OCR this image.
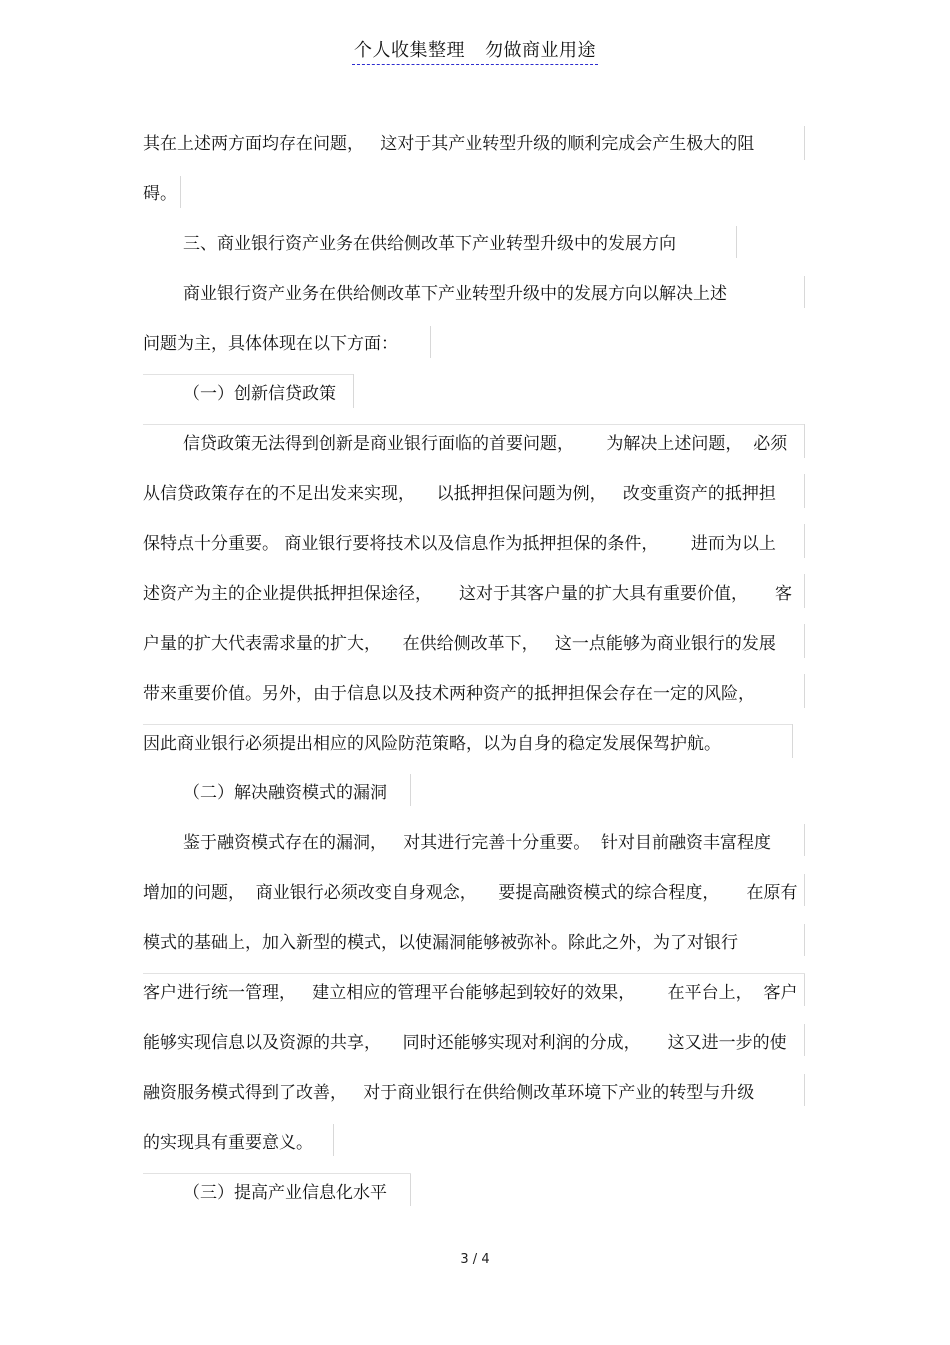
个人收集整理 勿做商业用途
其在上述两方面均存在问题，   这对于其产业转型升级的顺利完成会产生极大的阻
碍。
三、商业银行资产业务在供给侧改革下产业转型升级中的发展方向
商业银行资产业务在供给侧改革下产业转型升级中的发展方向以解决上述
问题为主，具体体现在以下方面：
（一）创新信贷政策
信贷政策无法得到创新是商业银行面临的首要问题，      为解决上述问题，  必须
从信贷政策存在的不足出发来实现，    以抵押担保问题为例，   改变重资产的抵押担
保特点十分重要。 商业银行要将技术以及信息作为抵押担保的条件，      进而为以上
述资产为主的企业提供抵押担保途径，     这对于其客户量的扩大具有重要价值，     客
户量的扩大代表需求量的扩大，    在供给侧改革下，   这一点能够为商业银行的发展
带来重要价值。另外，由于信息以及技术两种资产的抵押担保会存在一定的风险，
因此商业银行必须提出相应的风险防范策略，以为自身的稳定发展保驾护航。
（二）解决融资模式的漏洞
鉴于融资模式存在的漏洞，   对其进行完善十分重要。  针对目前融资丰富程度
增加的问题，  商业银行必须改变自身观念，    要提高融资模式的综合程度，     在原有
模式的基础上，加入新型的模式，以使漏洞能够被弥补。除此之外，为了对银行
客户进行统一管理，   建立相应的管理平台能够起到较好的效果，      在平台上，  客户
能够实现信息以及资源的共享，    同时还能够实现对利润的分成，     这又进一步的使
融资服务模式得到了改善，   对于商业银行在供给侧改革环境下产业的转型与升级
的实现具有重要意义。
（三）提高产业信息化水平
3 / 4
